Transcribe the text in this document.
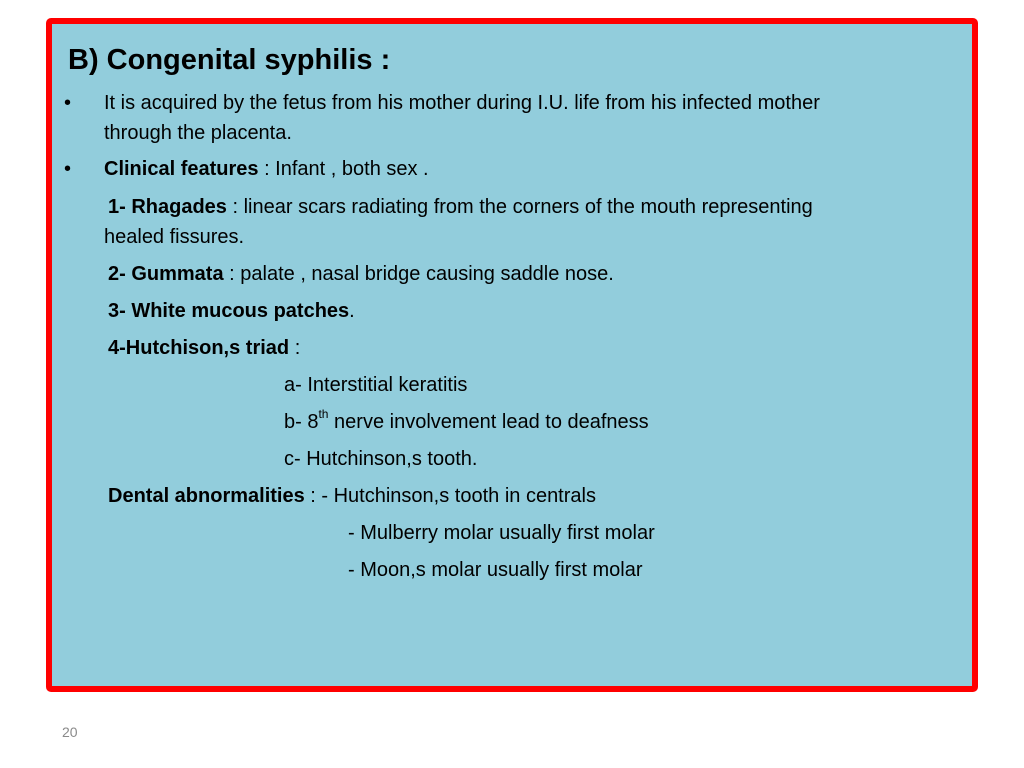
B) Congenital syphilis :
• It is acquired by the fetus from his mother during I.U. life from his infected mother
through the placenta.
• Clinical features : Infant , both sex .
1- Rhagades : linear scars radiating from the corners of the mouth representing
healed fissures.
2- Gummata : palate , nasal bridge causing saddle nose.
3- White mucous patches.
4-Hutchison,s triad :
a- Interstitial keratitis
b- 8th nerve involvement lead to deafness
c- Hutchinson,s tooth.
Dental abnormalities : - Hutchinson,s tooth in centrals
- Mulberry molar usually first molar
- Moon,s molar usually first molar
20
